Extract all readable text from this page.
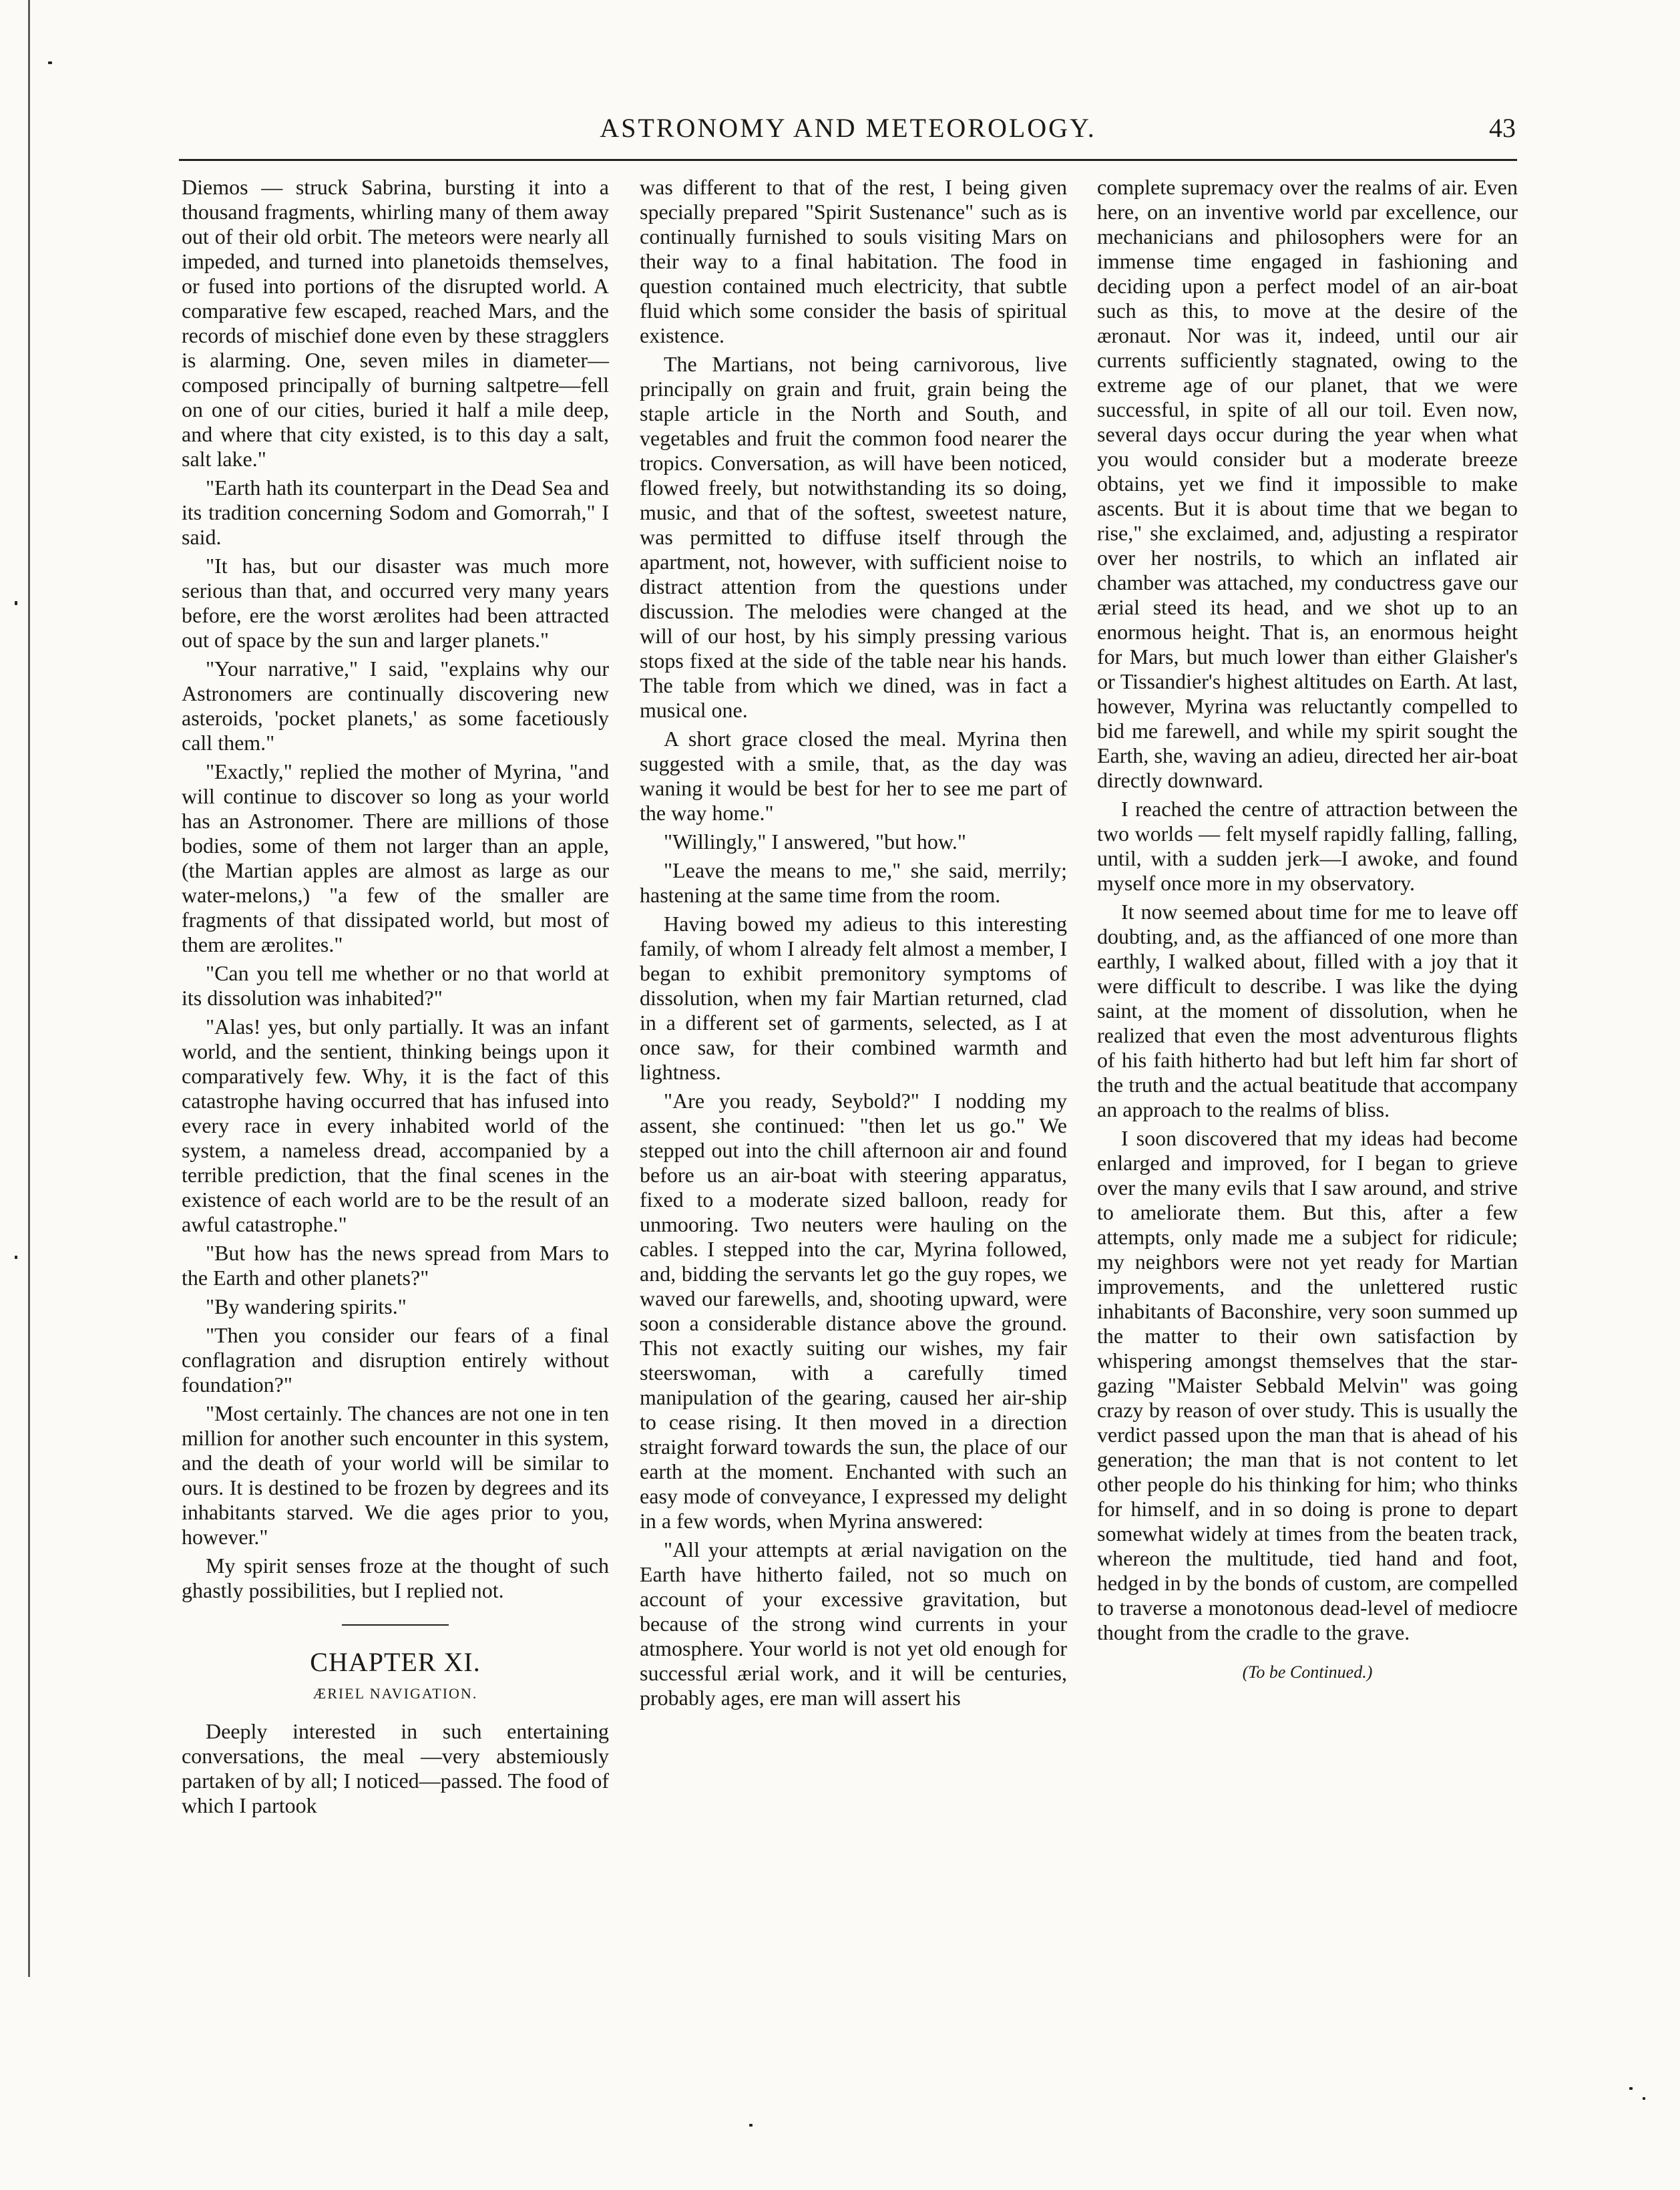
ASTRONOMY AND METEOROLOGY.	43

Diemos — struck Sabrina, bursting it into a thousand fragments, whirling many of them away out of their old orbit. The meteors were nearly all impeded, and turned into planetoids themselves, or fused into portions of the disrupted world. A comparative few escaped, reached Mars, and the records of mischief done even by these stragglers is alarming. One, seven miles in diameter—composed principally of burning saltpetre—fell on one of our cities, buried it half a mile deep, and where that city existed, is to this day a salt, salt lake."

"Earth hath its counterpart in the Dead Sea and its tradition concerning Sodom and Gomorrah," I said.

"It has, but our disaster was much more serious than that, and occurred very many years before, ere the worst ærolites had been attracted out of space by the sun and larger planets."

"Your narrative," I said, "explains why our Astronomers are continually discovering new asteroids, 'pocket planets,' as some facetiously call them."

"Exactly," replied the mother of Myrina, "and will continue to discover so long as your world has an Astronomer. There are millions of those bodies, some of them not larger than an apple, (the Martian apples are almost as large as our water-melons,) "a few of the smaller are fragments of that dissipated world, but most of them are ærolites."

"Can you tell me whether or no that world at its dissolution was inhabited?"

"Alas! yes, but only partially. It was an infant world, and the sentient, thinking beings upon it comparatively few. Why, it is the fact of this catastrophe having occurred that has infused into every race in every inhabited world of the system, a nameless dread, accompanied by a terrible prediction, that the final scenes in the existence of each world are to be the result of an awful catastrophe."

"But how has the news spread from Mars to the Earth and other planets?"

"By wandering spirits."

"Then you consider our fears of a final conflagration and disruption entirely without foundation?"

"Most certainly. The chances are not one in ten million for another such encounter in this system, and the death of your world will be similar to ours. It is destined to be frozen by degrees and its inhabitants starved. We die ages prior to you, however."

My spirit senses froze at the thought of such ghastly possibilities, but I replied not.

CHAPTER XI.
ÆRIEL NAVIGATION.

Deeply interested in such entertaining conversations, the meal —very abstemiously partaken of by all; I noticed—passed. The food of which I partook

was different to that of the rest, I being given specially prepared "Spirit Sustenance" such as is continually furnished to souls visiting Mars on their way to a final habitation. The food in question contained much electricity, that subtle fluid which some consider the basis of spiritual existence.

The Martians, not being carnivorous, live principally on grain and fruit, grain being the staple article in the North and South, and vegetables and fruit the common food nearer the tropics. Conversation, as will have been noticed, flowed freely, but notwithstanding its so doing, music, and that of the softest, sweetest nature, was permitted to diffuse itself through the apartment, not, however, with sufficient noise to distract attention from the questions under discussion. The melodies were changed at the will of our host, by his simply pressing various stops fixed at the side of the table near his hands. The table from which we dined, was in fact a musical one.

A short grace closed the meal. Myrina then suggested with a smile, that, as the day was waning it would be best for her to see me part of the way home."

"Willingly," I answered, "but how."

"Leave the means to me," she said, merrily; hastening at the same time from the room.

Having bowed my adieus to this interesting family, of whom I already felt almost a member, I began to exhibit premonitory symptoms of dissolution, when my fair Martian returned, clad in a different set of garments, selected, as I at once saw, for their combined warmth and lightness.

"Are you ready, Seybold?" I nodding my assent, she continued: "then let us go." We stepped out into the chill afternoon air and found before us an air-boat with steering apparatus, fixed to a moderate sized balloon, ready for unmooring. Two neuters were hauling on the cables. I stepped into the car, Myrina followed, and, bidding the servants let go the guy ropes, we waved our farewells, and, shooting upward, were soon a considerable distance above the ground. This not exactly suiting our wishes, my fair steerswoman, with a carefully timed manipulation of the gearing, caused her air-ship to cease rising. It then moved in a direction straight forward towards the sun, the place of our earth at the moment. Enchanted with such an easy mode of conveyance, I expressed my delight in a few words, when Myrina answered:

"All your attempts at ærial navigation on the Earth have hitherto failed, not so much on account of your excessive gravitation, but because of the strong wind currents in your atmosphere. Your world is not yet old enough for successful ærial work, and it will be centuries, probably ages, ere man will assert his

complete supremacy over the realms of air. Even here, on an inventive world par excellence, our mechanicians and philosophers were for an immense time engaged in fashioning and deciding upon a perfect model of an air-boat such as this, to move at the desire of the æronaut. Nor was it, indeed, until our air currents sufficiently stagnated, owing to the extreme age of our planet, that we were successful, in spite of all our toil. Even now, several days occur during the year when what you would consider but a moderate breeze obtains, yet we find it impossible to make ascents. But it is about time that we began to rise," she exclaimed, and, adjusting a respirator over her nostrils, to which an inflated air chamber was attached, my conductress gave our ærial steed its head, and we shot up to an enormous height. That is, an enormous height for Mars, but much lower than either Glaisher's or Tissandier's highest altitudes on Earth. At last, however, Myrina was reluctantly compelled to bid me farewell, and while my spirit sought the Earth, she, waving an adieu, directed her air-boat directly downward.

I reached the centre of attraction between the two worlds — felt myself rapidly falling, falling, until, with a sudden jerk—I awoke, and found myself once more in my observatory.

It now seemed about time for me to leave off doubting, and, as the affianced of one more than earthly, I walked about, filled with a joy that it were difficult to describe. I was like the dying saint, at the moment of dissolution, when he realized that even the most adventurous flights of his faith hitherto had but left him far short of the truth and the actual beatitude that accompany an approach to the realms of bliss.

I soon discovered that my ideas had become enlarged and improved, for I began to grieve over the many evils that I saw around, and strive to ameliorate them. But this, after a few attempts, only made me a subject for ridicule; my neighbors were not yet ready for Martian improvements, and the unlettered rustic inhabitants of Baconshire, very soon summed up the matter to their own satisfaction by whispering amongst themselves that the star-gazing "Maister Sebbald Melvin" was going crazy by reason of over study. This is usually the verdict passed upon the man that is ahead of his generation; the man that is not content to let other people do his thinking for him; who thinks for himself, and in so doing is prone to depart somewhat widely at times from the beaten track, whereon the multitude, tied hand and foot, hedged in by the bonds of custom, are compelled to traverse a monotonous dead-level of mediocre thought from the cradle to the grave.

(To be Continued.)
